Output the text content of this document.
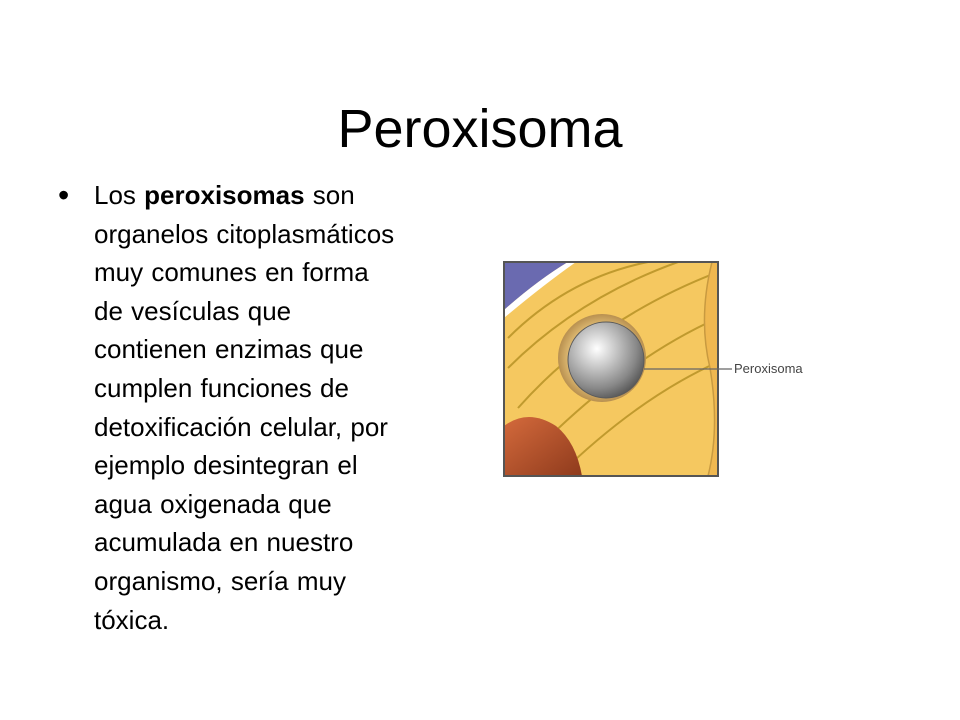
Peroxisoma
• Los peroxisomas son
organelos citoplasmáticos
muy comunes en forma
de vesículas que
contienen enzimas que
cumplen funciones de
detoxificación celular, por
ejemplo desintegran el
agua oxigenada que
acumulada en nuestro
organismo, sería muy
tóxica.
Peroxisoma
